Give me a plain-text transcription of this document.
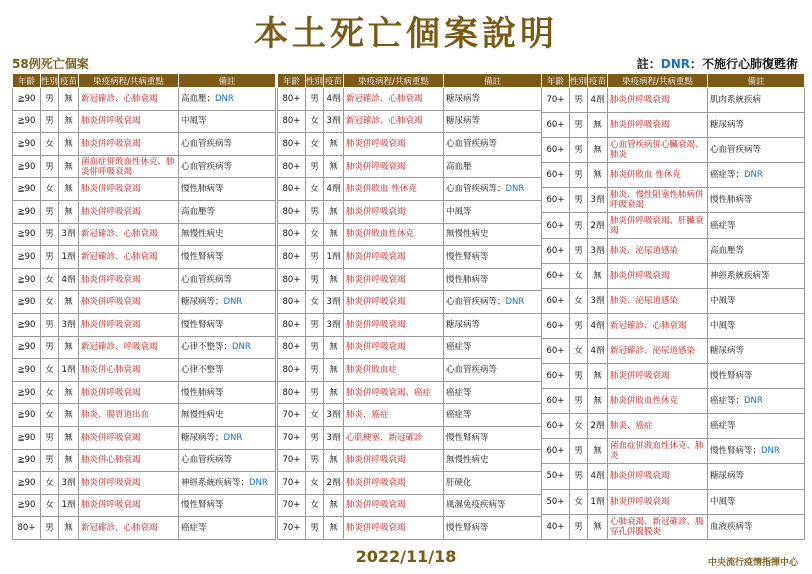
本土死亡個案說明
58例死亡個案	註：DNR：不施行心肺復甦術
年齡	性別	疫苗	染疫病程/共病重點	備註
≧90	男	無	新冠確診、心肺衰竭	高血壓；DNR
≧90	男	無	肺炎併呼吸衰竭	中風等
≧90	女	無	肺炎併呼吸衰竭	心血管疾病等
≧90	男	無	菌血症併敗血性休克、肺炎併呼吸衰竭	心血管疾病等
≧90	女	無	肺炎併呼吸衰竭	慢性肺病等
≧90	男	無	肺炎併呼吸衰竭	高血壓等
≧90	男	3劑	新冠確診、心肺衰竭	無慢性病史
≧90	男	1劑	新冠確診、心肺衰竭	慢性腎病等
≧90	女	4劑	肺炎併呼吸衰竭	心血管疾病等
≧90	女	無	肺炎併呼吸衰竭	糖尿病等；DNR
≧90	男	3劑	肺炎併呼吸衰竭	慢性腎病等
≧90	男	無	新冠確診、呼吸衰竭	心律不整等；DNR
≧90	女	1劑	肺炎併心肺衰竭	心律不整等
≧90	女	無	肺炎併呼吸衰竭	慢性肺病等
≧90	女	無	肺炎、腸胃道出血	無慢性病史
≧90	男	無	肺炎併呼吸衰竭	糖尿病等；DNR
≧90	男	無	肺炎併心肺衰竭	心血管疾病等
≧90	女	3劑	肺炎併呼吸衰竭	神經系統疾病等；DNR
≧90	女	1劑	肺炎併呼吸衰竭	慢性腎病等
80+	男	無	新冠確診、心肺衰竭	癌症等
年齡	性別	疫苗	染疫病程/共病重點	備註
80+	男	4劑	新冠確診、心肺衰竭	糖尿病等
80+	女	3劑	新冠確診、心肺衰竭	糖尿病等
80+	女	無	肺炎併呼吸衰竭	心血管疾病等
80+	男	無	肺炎併呼吸衰竭	高血壓
80+	女	4劑	肺炎併敗血 性休克	心血管疾病等；DNR
80+	男	無	肺炎併呼吸衰竭	中風等
80+	女	無	肺炎併敗血性休克	無慢性病史
80+	男	1劑	肺炎併呼吸衰竭	慢性腎病等
80+	男	無	肺炎併呼吸衰竭	慢性肺病等
80+	女	3劑	肺炎併呼吸衰竭	心血管疾病等；DNR
80+	男	3劑	肺炎併呼吸衰竭	糖尿病等
80+	男	無	肺炎併呼吸衰竭	癌症等
80+	男	無	肺炎併敗血症	心血管疾病等
80+	男	無	肺炎併呼吸衰竭、癌症	癌症等
70+	女	3劑	肺炎、癌症	癌症等
70+	男	3劑	心肌梗塞、新冠確診	慢性腎病等
70+	男	無	肺炎併呼吸衰竭	無慢性病史
70+	女	2劑	肺炎併呼吸衰竭	肝硬化
70+	女	無	肺炎併呼吸衰竭	風濕免疫疾病等
70+	男	無	肺炎併呼吸衰竭	慢性腎病等
年齡	性別	疫苗	染疫病程/共病重點	備註
70+	男	4劑	肺炎併呼吸衰竭	肌肉系統疾病
60+	男	無	肺炎併呼吸衰竭	糖尿病等
60+	男	無	心血管疾病併心臟衰竭、肺炎	心血管疾病等
60+	男	無	肺炎併敗血 性休克	癌症等；DNR
60+	男	3劑	肺炎、慢性阻塞性肺病併呼吸衰竭	慢性肺病等
60+	男	2劑	肺炎併呼吸衰竭、肝臟衰竭	癌症等
60+	男	3劑	肺炎、泌尿道感染	高血壓等
60+	女	無	肺炎併呼吸衰竭	神經系統疾病等
60+	女	3劑	肺炎、泌尿道感染	中風等
60+	男	4劑	新冠確診、心肺衰竭	中風等
60+	女	4劑	新冠確診、泌尿道感染	糖尿病等
60+	男	無	肺炎併呼吸衰竭	慢性腎病等
60+	男	無	肺炎併敗血性休克	癌症等；DNR
60+	女	2劑	肺炎、癌症	癌症等
60+	男	無	菌血症併敗血性休克、肺炎	慢性腎病等；DNR
50+	男	4劑	肺炎併呼吸衰竭	糖尿病等
50+	女	1劑	肺炎併呼吸衰竭	中風等
40+	男	無	心肺衰竭、新冠確診、腸穿孔併腹膜炎	血液疾病等
2022/11/18	中央流行疫情指揮中心
